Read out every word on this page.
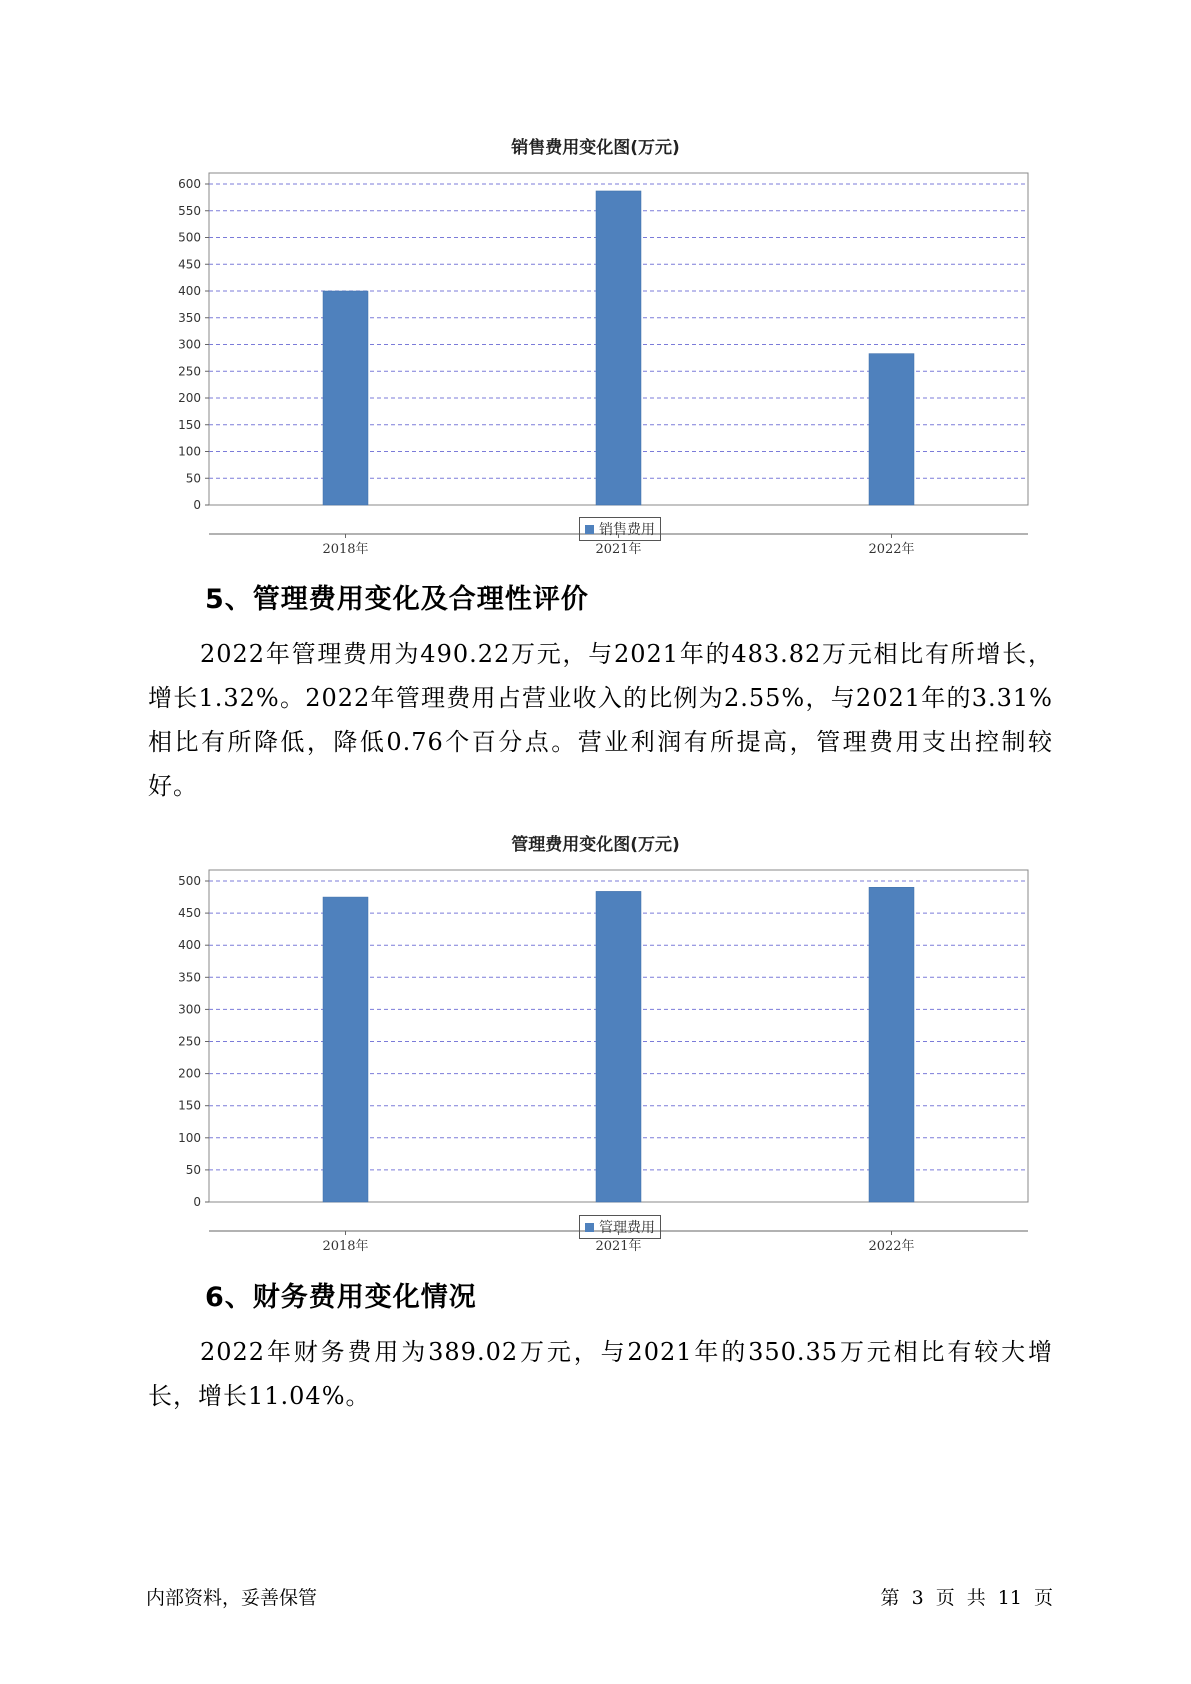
销售费用变化图(万元)
0
50
100
150
200
250
300
350
400
450
500
550
600
2018年	2021年	2022年
销售费用
5、管理费用变化及合理性评价
2022年管理费用为490.22万元，与2021年的483.82万元相比有所增长，增长1.32%。2022年管理费用占营业收入的比例为2.55%，与2021年的3.31%相比有所降低，降低0.76个百分点。营业利润有所提高，管理费用支出控制较好。
管理费用变化图(万元)
0
50
100
150
200
250
300
350
400
450
500
2018年	2021年	2022年
管理费用
6、财务费用变化情况
2022年财务费用为389.02万元，与2021年的350.35万元相比有较大增长，增长11.04%。
内部资料，妥善保管	第 3 页 共 11 页
